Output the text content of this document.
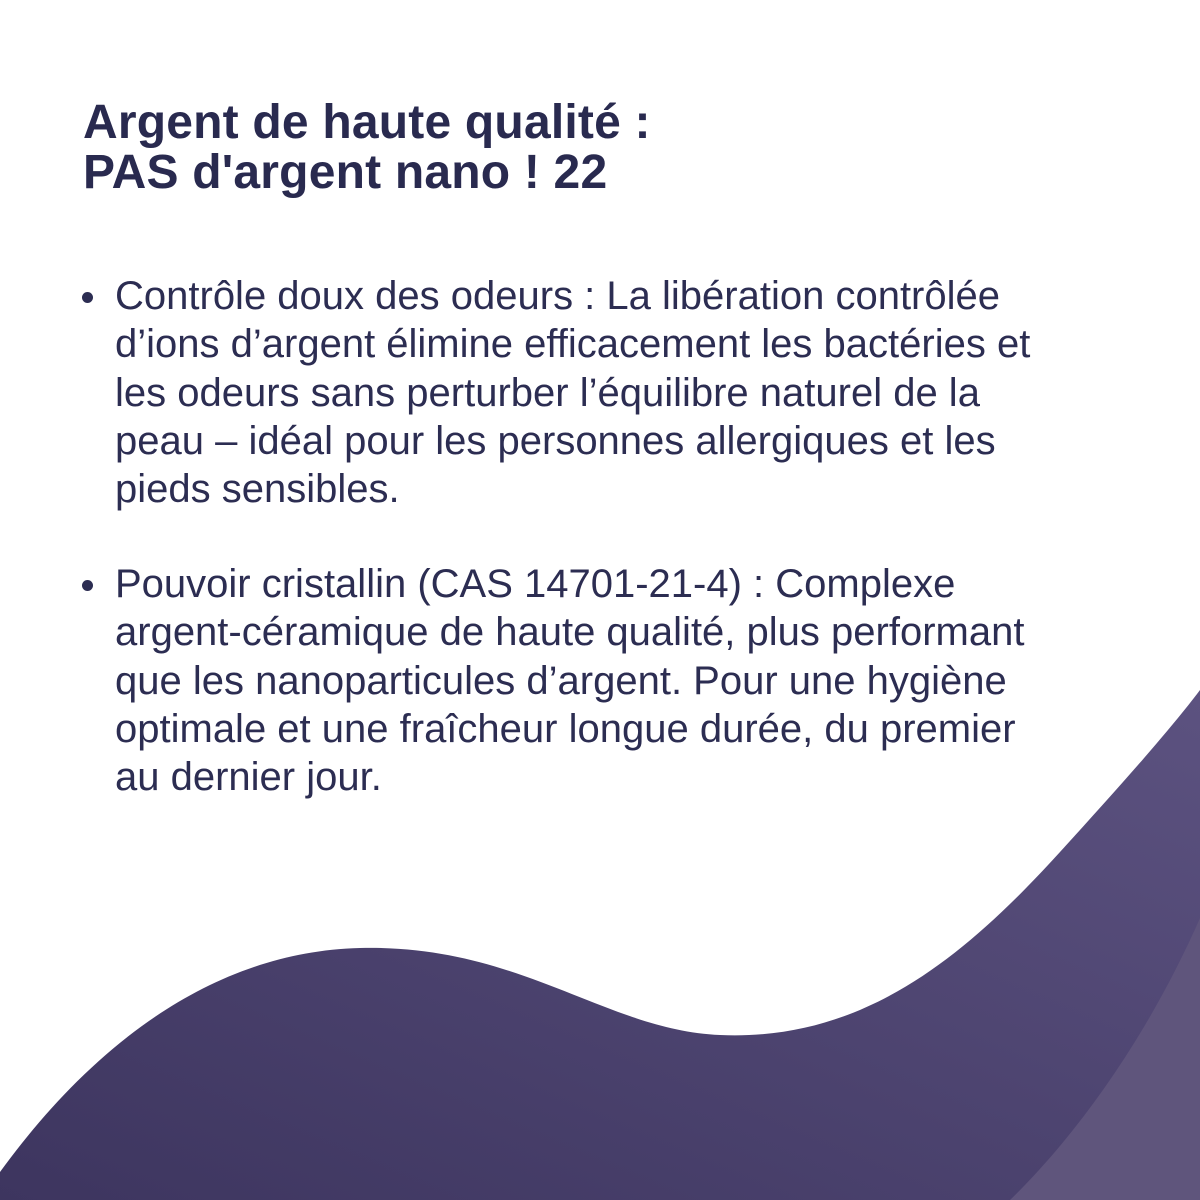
Argent de haute qualité :
PAS d'argent nano ! 22
Contrôle doux des odeurs : La libération contrôlée
d’ions d’argent élimine efficacement les bactéries et
les odeurs sans perturber l’équilibre naturel de la
peau – idéal pour les personnes allergiques et les
pieds sensibles.
Pouvoir cristallin (CAS 14701-21-4) : Complexe
argent-céramique de haute qualité, plus performant
que les nanoparticules d’argent. Pour une hygiène
optimale et une fraîcheur longue durée, du premier
au dernier jour.
